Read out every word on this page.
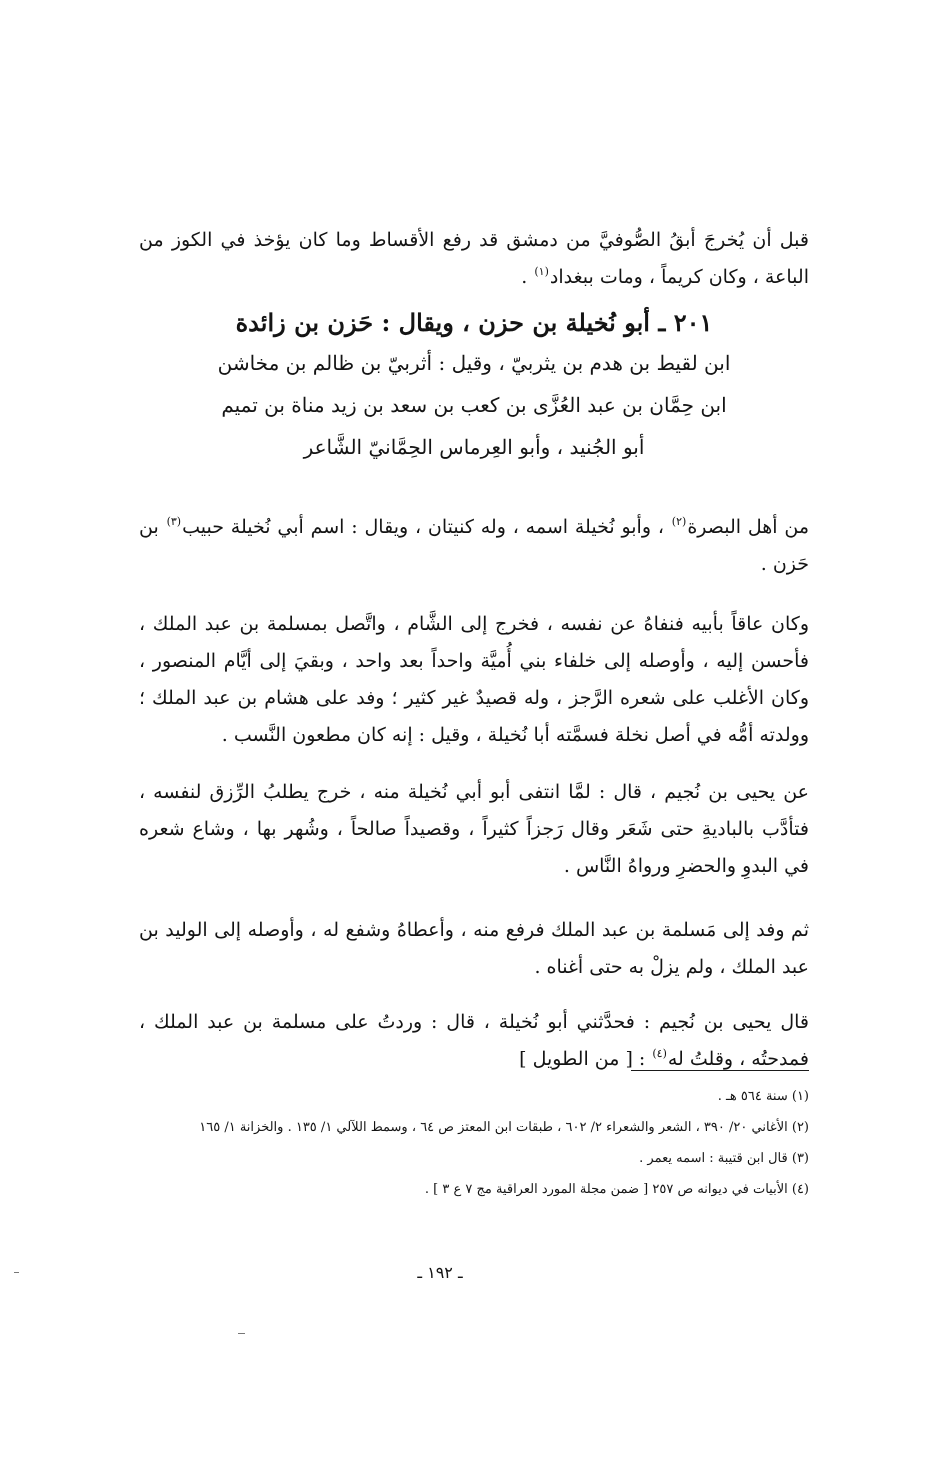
قبل أن يُخرجَ أبقُ الصُّوفيَّ من دمشق قد رفع الأقساط وما كان يؤخذ في الكوز من الباعة ، وكان كريماً ، ومات ببغداد$^{(١)}$ .

٢٠١ ـ أبو نُخيلة بن حزن ، ويقال : حَزن بن زائدة

ابن لقيط بن هدم بن يثربيّ ، وقيل : أثربيّ بن ظالم بن مخاشن

ابن حِمَّان بن عبد العُزَّى بن كعب بن سعد بن زيد مناة بن تميم

أبو الجُنيد ، وأبو العِرماس الحِمَّانيّ الشَّاعر

من أهل البصرة$^{(٢)}$ ، وأبو نُخيلة اسمه ، وله كنيتان ، ويقال : اسم أبي نُخيلة حبيب$^{(٣)}$ بن حَزن .

وكان عاقاً بأبيه فنفاهُ عن نفسه ، فخرج إلى الشَّام ، واتَّصل بمسلمة بن عبد الملك ، فأحسن إليه ، وأوصله إلى خلفاء بني أُميَّة واحداً بعد واحد ، وبقيَ إلى أيَّام المنصور ، وكان الأغلب على شعره الرَّجز ، وله قصيدٌ غير كثير ؛ وفد على هشام بن عبد الملك ؛ وولدته أمُّه في أصل نخلة فسمَّته أبا نُخيلة ، وقيل : إنه كان مطعون النَّسب .

عن يحيى بن نُجيم ، قال : لمَّا انتفى أبو أبي نُخيلة منه ، خرج يطلبُ الرِّزق لنفسه ، فتأدَّب بالباديةِ حتى شَعَر وقال رَجزاً كثيراً ، وقصيداً صالحاً ، وشُهر بها ، وشاع شعره في البدوِ والحضرِ ورواهُ النَّاس .

ثم وفد إلى مَسلمة بن عبد الملك فرفع منه ، وأعطاهُ وشفع له ، وأوصله إلى الوليد بن عبد الملك ، ولم يزلْ به حتى أغناه .

قال يحيى بن نُجيم : فحدَّثني أبو نُخيلة ، قال : وردتُ على مسلمة بن عبد الملك ، فمدحتُه ، وقلتُ له$^{(٤)}$ : [ من الطويل ]

(١) سنة ٥٦٤ هـ .

(٢) الأغاني ٢٠/ ٣٩٠ ، الشعر والشعراء ٢/ ٦٠٢ ، طبقات ابن المعتز ص ٦٤ ، وسمط اللآلي ١/ ١٣٥ . والخزانة ١/ ١٦٥

(٣) قال ابن قتيبة : اسمه يعمر .

(٤) الأبيات في ديوانه ص ٢٥٧ [ ضمن مجلة المورد العراقية مج ٧ ع ٣ ] .

ـ ١٩٢ ـ
